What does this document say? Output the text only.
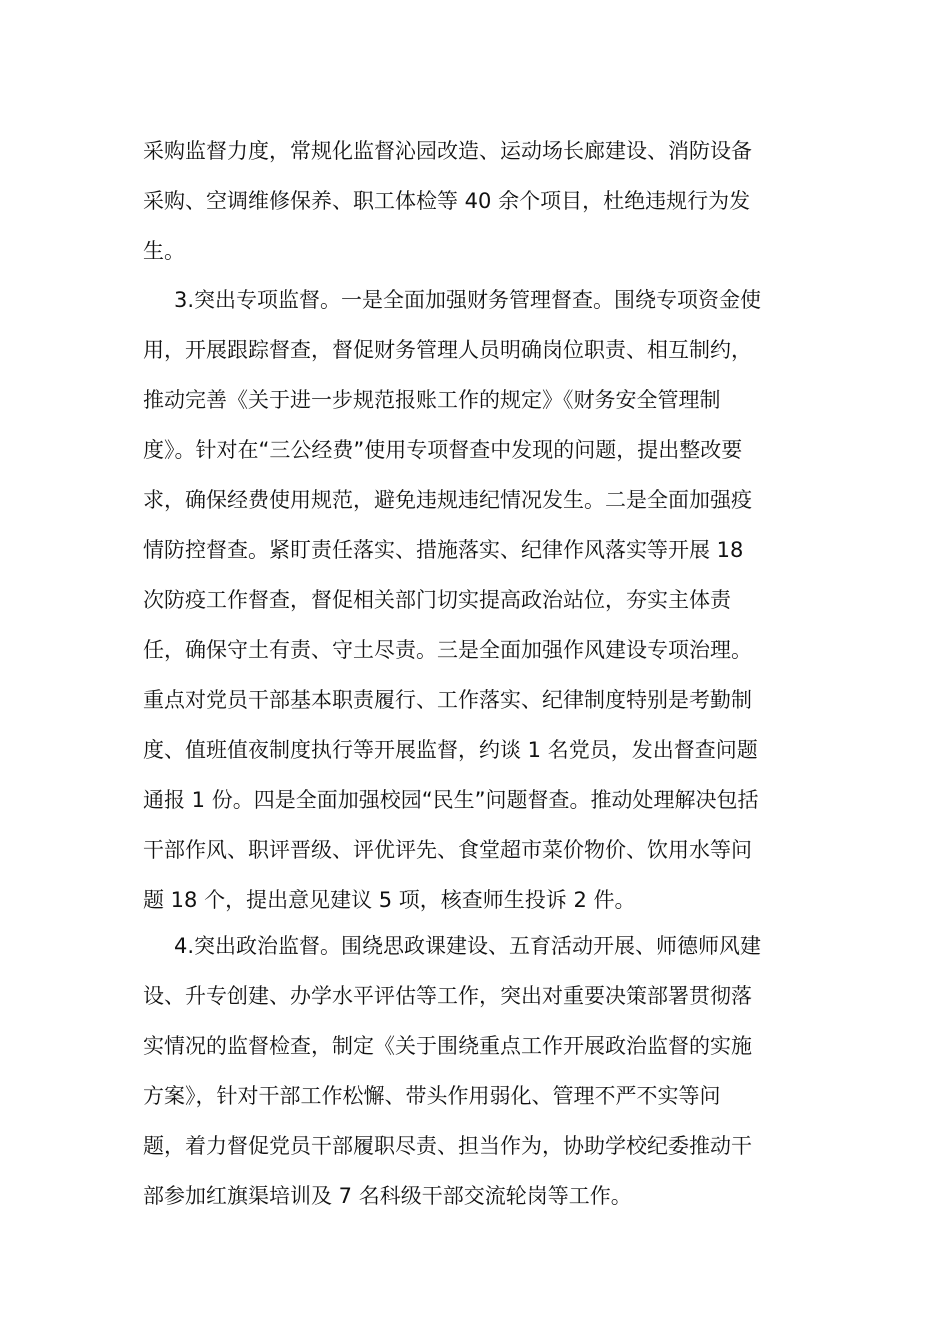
采购监督力度，常规化监督沁园改造、运动场长廊建设、消防设备
采购、空调维修保养、职工体检等 40 余个项目，杜绝违规行为发
生。
3.突出专项监督。一是全面加强财务管理督查。围绕专项资金使
用，开展跟踪督查，督促财务管理人员明确岗位职责、相互制约，
推动完善《关于进一步规范报账工作的规定》《财务安全管理制
度》。针对在“三公经费”使用专项督查中发现的问题，提出整改要
求，确保经费使用规范，避免违规违纪情况发生。二是全面加强疫
情防控督查。紧盯责任落实、措施落实、纪律作风落实等开展 18
次防疫工作督查，督促相关部门切实提高政治站位，夯实主体责
任，确保守土有责、守土尽责。三是全面加强作风建设专项治理。
重点对党员干部基本职责履行、工作落实、纪律制度特别是考勤制
度、值班值夜制度执行等开展监督，约谈 1 名党员，发出督查问题
通报 1 份。四是全面加强校园“民生”问题督查。推动处理解决包括
干部作风、职评晋级、评优评先、食堂超市菜价物价、饮用水等问
题 18 个，提出意见建议 5 项，核查师生投诉 2 件。
4.突出政治监督。围绕思政课建设、五育活动开展、师德师风建
设、升专创建、办学水平评估等工作，突出对重要决策部署贯彻落
实情况的监督检查，制定《关于围绕重点工作开展政治监督的实施
方案》，针对干部工作松懈、带头作用弱化、管理不严不实等问
题，着力督促党员干部履职尽责、担当作为，协助学校纪委推动干
部参加红旗渠培训及 7 名科级干部交流轮岗等工作。
